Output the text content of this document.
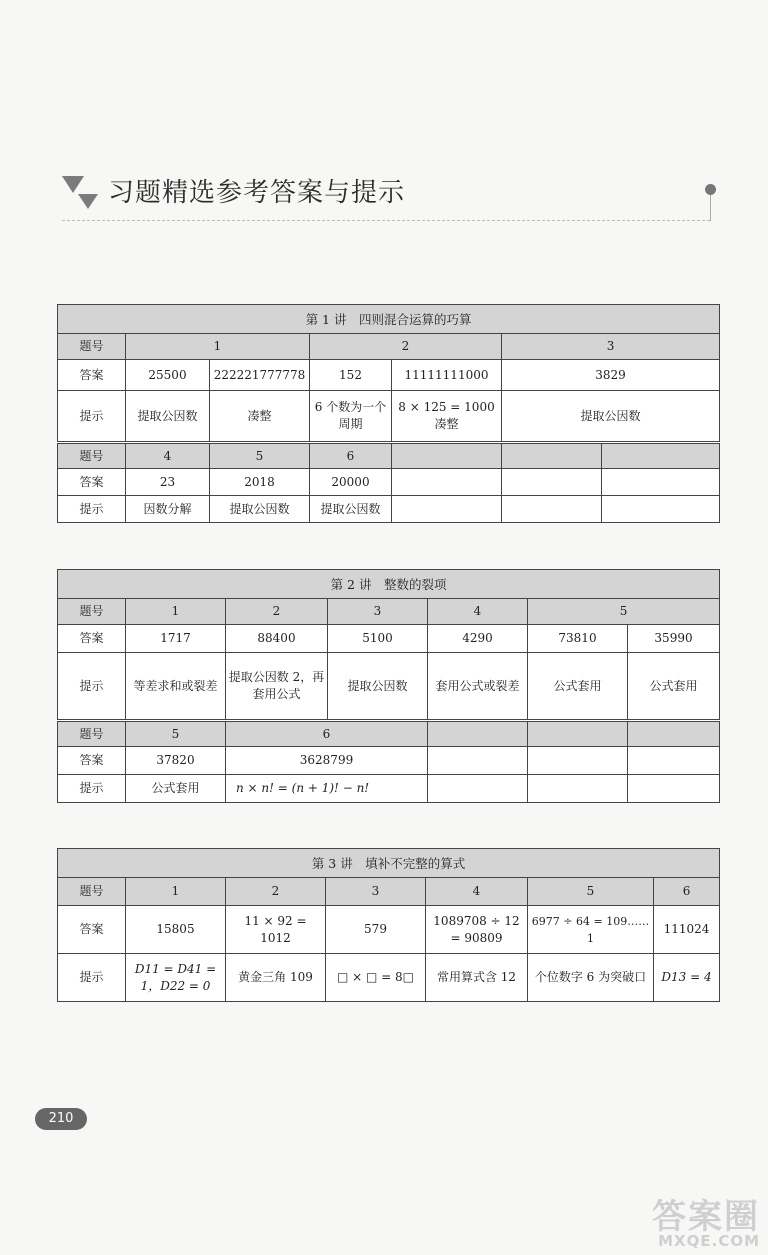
习题精选参考答案与提示
第 1 讲　四则混合运算的巧算						
题号	1		2		3	
答案	25500	222221777778	152	11111111000	3829	
提示	提取公因数	凑整	6 个数为一个周期	8 × 125 = 1000 凑整	提取公因数	
题号	4	5	6			
答案	23	2018	20000			
提示	因数分解	提取公因数	提取公因数			
第 2 讲　整数的裂项						
题号	1	2	3	4	5	
答案	1717	88400	5100	4290	73810	35990
提示	等差求和或裂差	提取公因数 2，再套用公式	提取公因数	套用公式或裂差	公式套用	公式套用
题号	5	6				
答案	37820	3628799				
提示	公式套用	n × n! = (n + 1)! − n!				
第 3 讲　填补不完整的算式						
题号	1	2	3	4	5	6
答案	15805	11 × 92 = 1012	579	1089708 ÷ 12 = 90809	6977 ÷ 64 = 109……1	111024
提示	D11 = D41 = 1，D22 = 0	黄金三角 109	□ × □ = 8□	常用算式含 12	个位数字 6 为突破口	D13 = 4
210
答案圈
MXQE.COM
